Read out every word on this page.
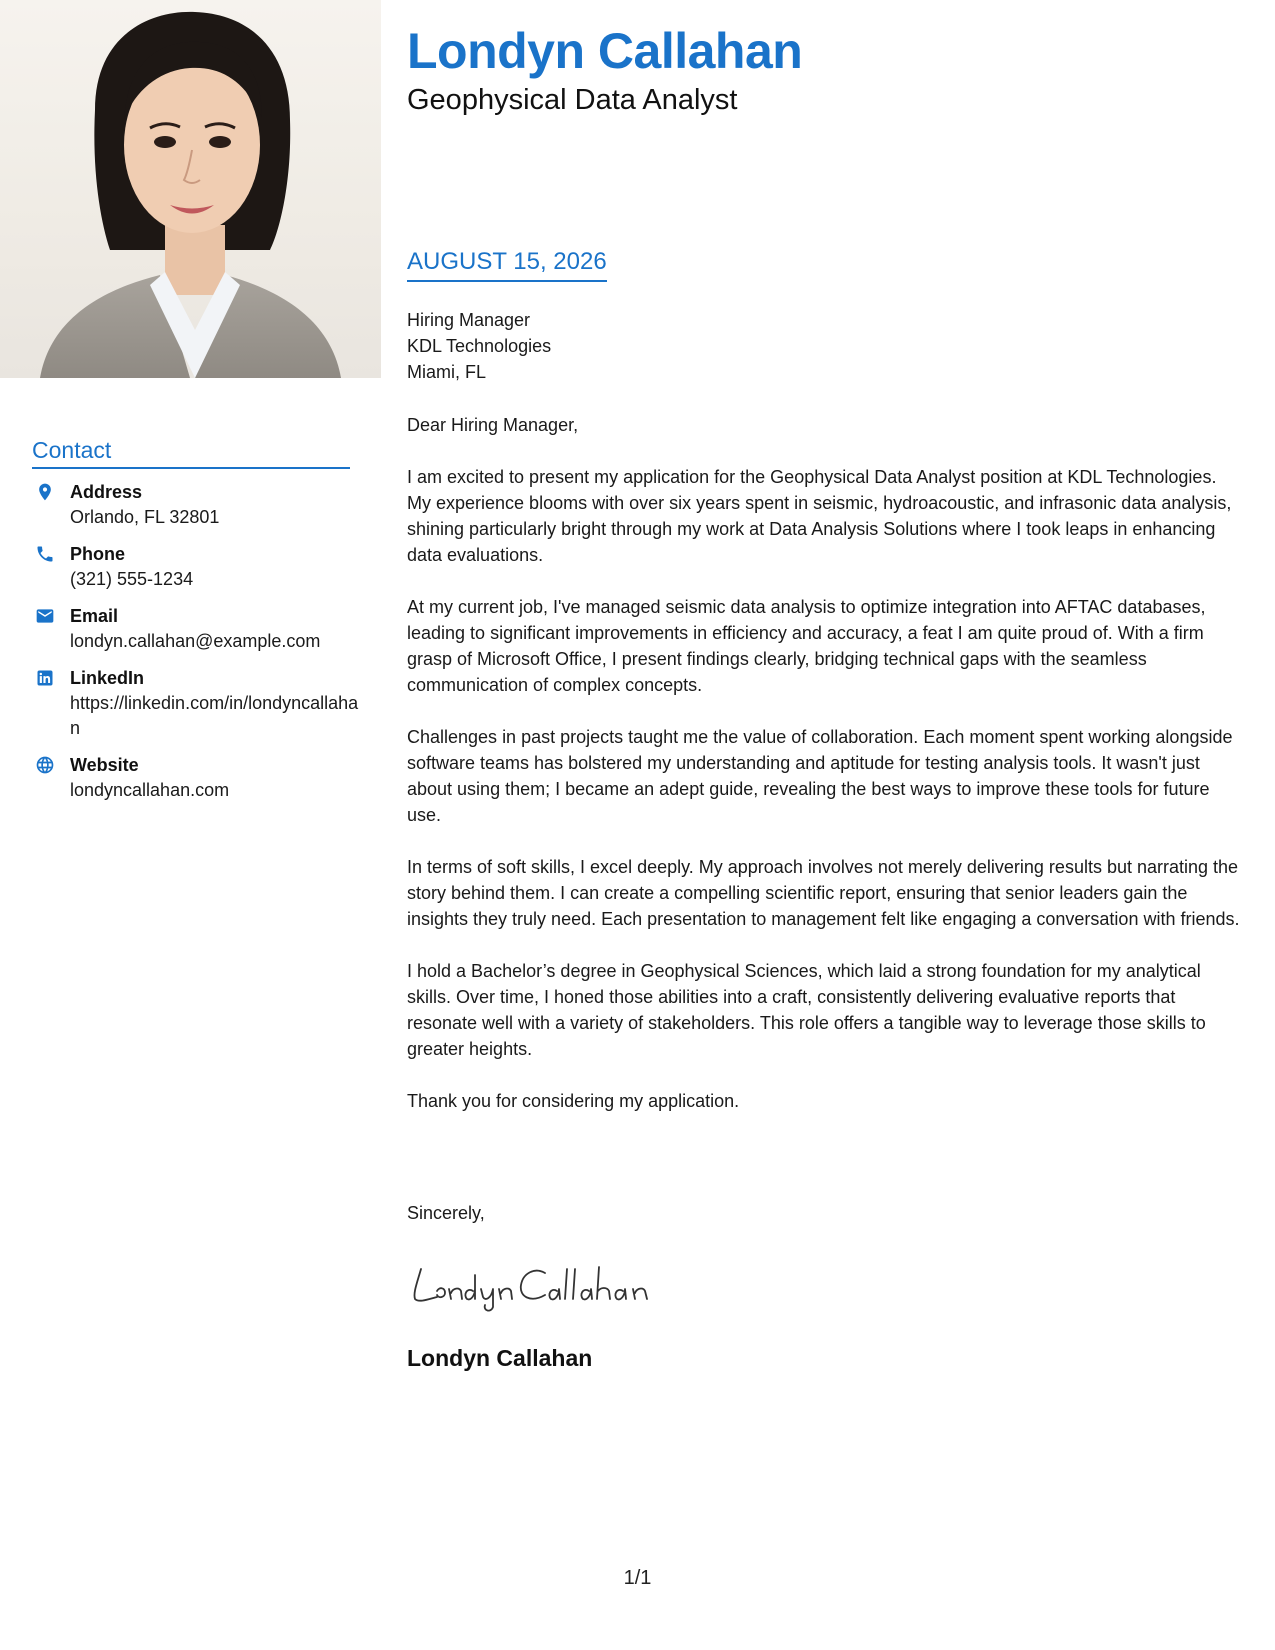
Contact
Address
Orlando, FL 32801
Phone
(321) 555-1234
Email
londyn.callahan@example.com
LinkedIn
https://linkedin.com/in/londyncallahan
Website
londyncallahan.com
Londyn Callahan
Geophysical Data Analyst
AUGUST 15, 2026
Hiring Manager
KDL Technologies
Miami, FL

Dear Hiring Manager,

I am excited to present my application for the Geophysical Data Analyst position at KDL Technologies. My experience blooms with over six years spent in seismic, hydroacoustic, and infrasonic data analysis, shining particularly bright through my work at Data Analysis Solutions where I took leaps in enhancing data evaluations.

At my current job, I've managed seismic data analysis to optimize integration into AFTAC databases, leading to significant improvements in efficiency and accuracy, a feat I am quite proud of. With a firm grasp of Microsoft Office, I present findings clearly, bridging technical gaps with the seamless communication of complex concepts.

Challenges in past projects taught me the value of collaboration. Each moment spent working alongside software teams has bolstered my understanding and aptitude for testing analysis tools. It wasn't just about using them; I became an adept guide, revealing the best ways to improve these tools for future use.

In terms of soft skills, I excel deeply. My approach involves not merely delivering results but narrating the story behind them. I can create a compelling scientific report, ensuring that senior leaders gain the insights they truly need. Each presentation to management felt like engaging a conversation with friends.

I hold a Bachelor’s degree in Geophysical Sciences, which laid a strong foundation for my analytical skills. Over time, I honed those abilities into a craft, consistently delivering evaluative reports that resonate well with a variety of stakeholders. This role offers a tangible way to leverage those skills to greater heights.

Thank you for considering my application.

Sincerely,
Londyn Callahan
1/1
